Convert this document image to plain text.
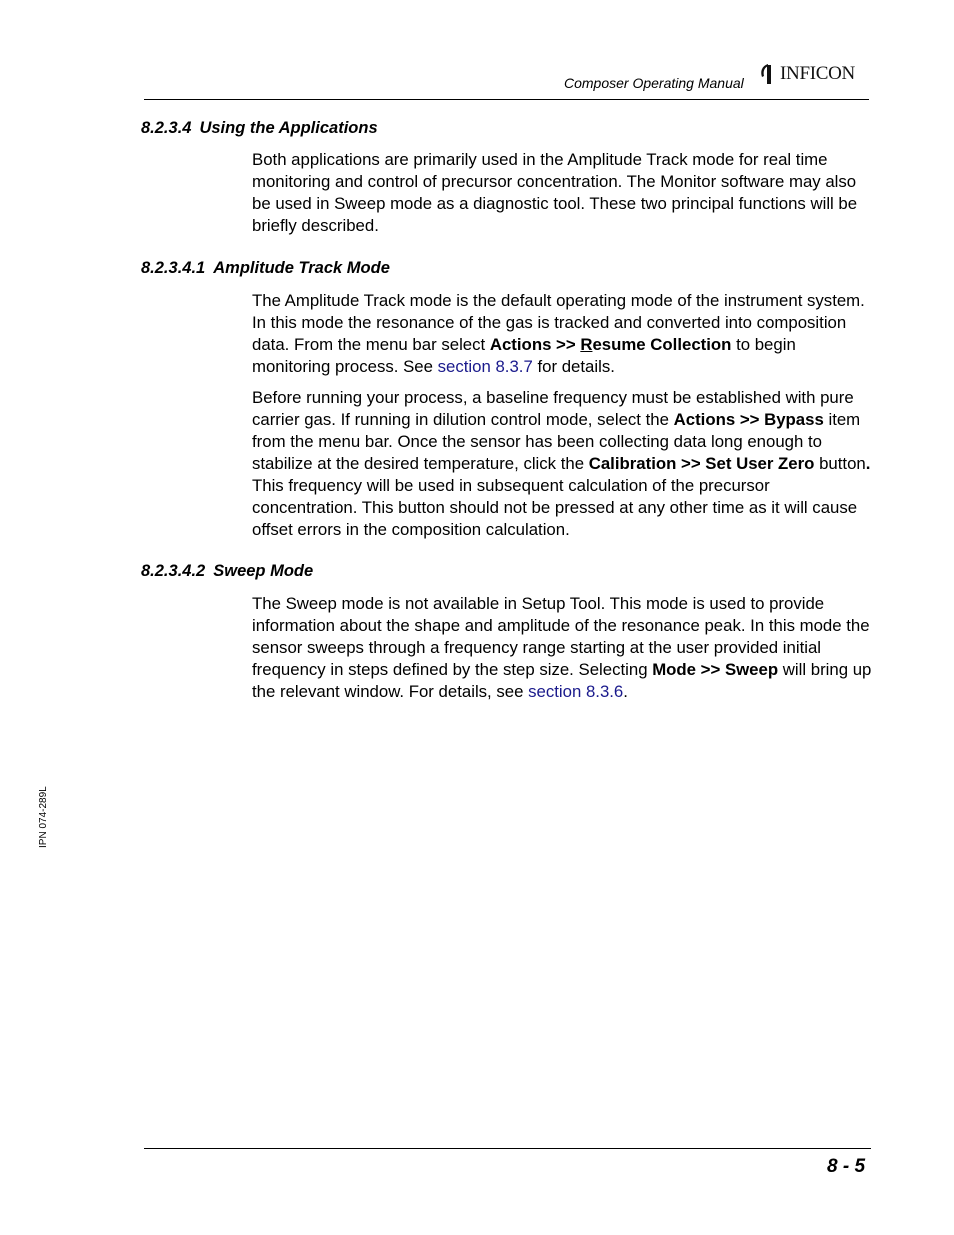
Composer Operating Manual INFICON
8.2.3.4 Using the Applications
Both applications are primarily used in the Amplitude Track mode for real time monitoring and control of precursor concentration. The Monitor software may also be used in Sweep mode as a diagnostic tool. These two principal functions will be briefly described.
8.2.3.4.1 Amplitude Track Mode
The Amplitude Track mode is the default operating mode of the instrument system. In this mode the resonance of the gas is tracked and converted into composition data. From the menu bar select Actions >> Resume Collection to begin monitoring process. See section 8.3.7 for details.
Before running your process, a baseline frequency must be established with pure carrier gas. If running in dilution control mode, select the Actions >> Bypass item from the menu bar. Once the sensor has been collecting data long enough to stabilize at the desired temperature, click the Calibration >> Set User Zero button. This frequency will be used in subsequent calculation of the precursor concentration. This button should not be pressed at any other time as it will cause offset errors in the composition calculation.
8.2.3.4.2 Sweep Mode
The Sweep mode is not available in Setup Tool. This mode is used to provide information about the shape and amplitude of the resonance peak. In this mode the sensor sweeps through a frequency range starting at the user provided initial frequency in steps defined by the step size. Selecting Mode >> Sweep will bring up the relevant window. For details, see section 8.3.6.
IPN 074-289L
8 - 5
